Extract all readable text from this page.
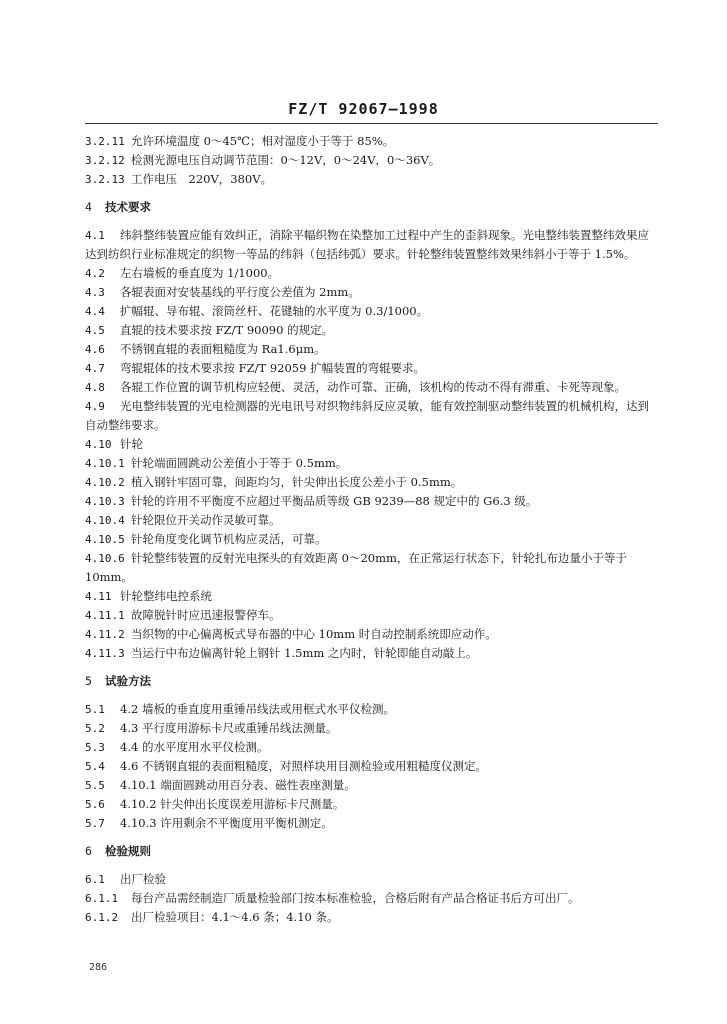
FZ/T 92067—1998

3.2.11 允许环境温度 0～45℃；相对湿度小于等于 85%。

3.2.12 检测光源电压自动调节范围：0～12V，0～24V，0～36V。

3.2.13 工作电压　220V，380V。

4 技术要求

4.1 纬斜整纬装置应能有效纠正，消除平幅织物在染整加工过程中产生的歪斜现象。光电整纬装置整纬效果应达到纺织行业标准规定的织物一等品的纬斜（包括纬弧）要求。针轮整纬装置整纬效果纬斜小于等于 1.5%。

4.2 左右墙板的垂直度为 1/1000。

4.3 各辊表面对安装基线的平行度公差值为 2mm。

4.4 扩幅辊、导布辊、滚筒丝杆、花键轴的水平度为 0.3/1000。

4.5 直辊的技术要求按 FZ/T 90090 的规定。

4.6 不锈钢直辊的表面粗糙度为 Ra1.6μm。

4.7 弯辊辊体的技术要求按 FZ/T 92059 扩幅装置的弯辊要求。

4.8 各辊工作位置的调节机构应轻便、灵活，动作可靠、正确，该机构的传动不得有滞重、卡死等现象。

4.9 光电整纬装置的光电检测器的光电讯号对织物纬斜反应灵敏，能有效控制驱动整纬装置的机械机构，达到自动整纬要求。

4.10 针轮

4.10.1 针轮端面圆跳动公差值小于等于 0.5mm。

4.10.2 植入钢针牢固可靠，间距均匀，针尖伸出长度公差小于 0.5mm。

4.10.3 针轮的许用不平衡度不应超过平衡品质等级 GB 9239—88 规定中的 G6.3 级。

4.10.4 针轮限位开关动作灵敏可靠。

4.10.5 针轮角度变化调节机构应灵活，可靠。

4.10.6 针轮整纬装置的反射光电探头的有效距离 0～20mm，在正常运行状态下，针轮扎布边量小于等于 10mm。

4.11 针轮整纬电控系统

4.11.1 故障脱针时应迅速报警停车。

4.11.2 当织物的中心偏离板式导布器的中心 10mm 时自动控制系统即应动作。

4.11.3 当运行中布边偏离针轮上钢针 1.5mm 之内时，针轮即能自动敲上。

5 试验方法

5.1 4.2 墙板的垂直度用重锤吊线法或用框式水平仪检测。

5.2 4.3 平行度用游标卡尺或重锤吊线法测量。

5.3 4.4 的水平度用水平仪检测。

5.4 4.6 不锈钢直辊的表面粗糙度，对照样块用目测检验或用粗糙度仪测定。

5.5 4.10.1 端面圆跳动用百分表、磁性表座测量。

5.6 4.10.2 针尖伸出长度误差用游标卡尺测量。

5.7 4.10.3 许用剩余不平衡度用平衡机测定。

6 检验规则

6.1 出厂检验

6.1.1 每台产品需经制造厂质量检验部门按本标准检验，合格后附有产品合格证书后方可出厂。

6.1.2 出厂检验项目：4.1～4.6 条；4.10 条。

286
